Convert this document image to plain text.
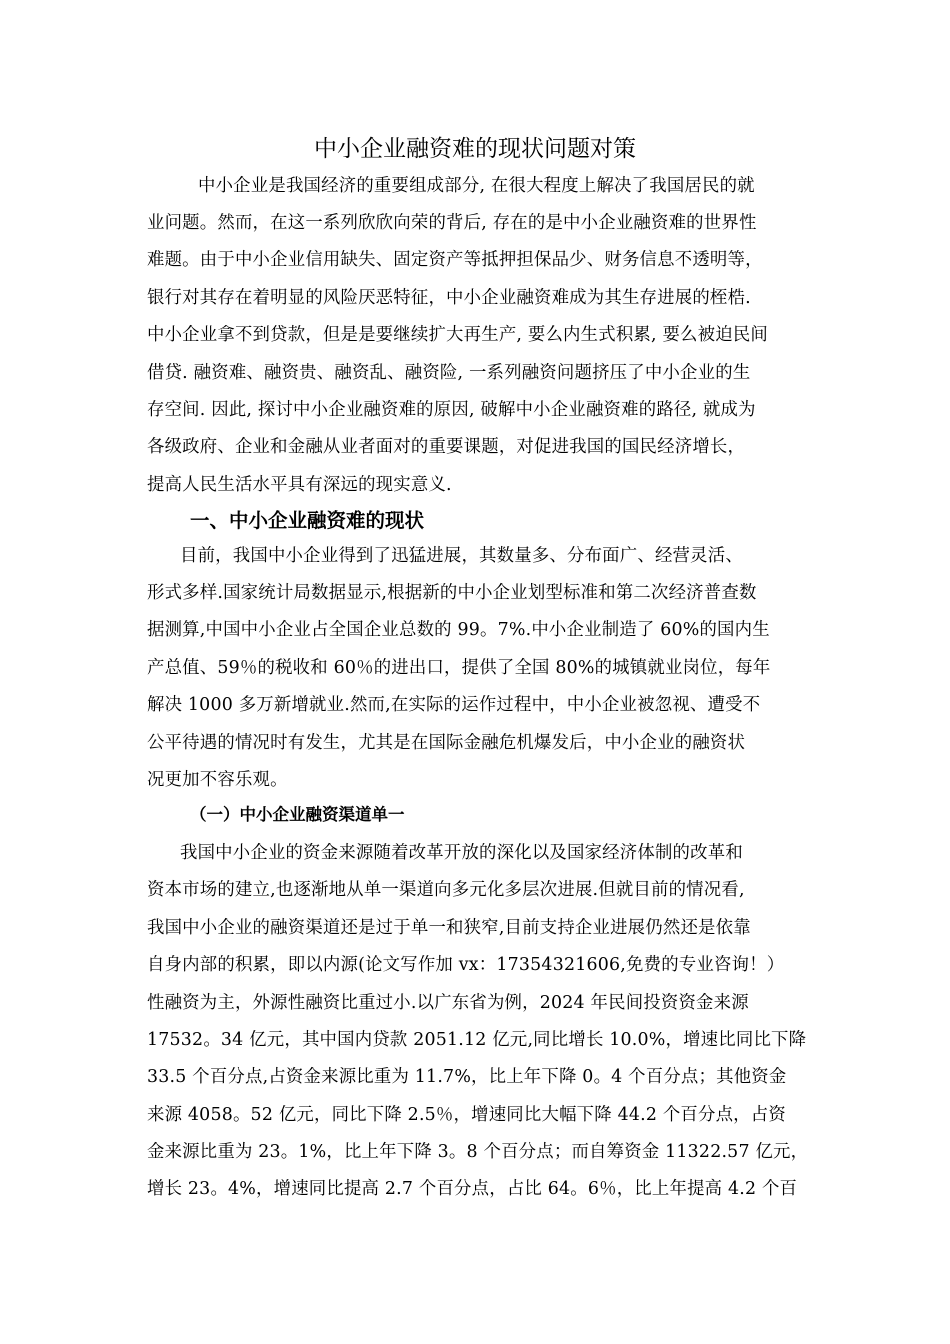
中小企业融资难的现状问题对策
中小企业是我国经济的重要组成部分, 在很大程度上解决了我国居民的就
业问题。然而，在这一系列欣欣向荣的背后, 存在的是中小企业融资难的世界性
难题。由于中小企业信用缺失、固定资产等抵押担保品少、财务信息不透明等，
银行对其存在着明显的风险厌恶特征，中小企业融资难成为其生存进展的桎梏.
中小企业拿不到贷款，但是是要继续扩大再生产, 要么内生式积累, 要么被迫民间
借贷. 融资难、融资贵、融资乱、融资险, 一系列融资问题挤压了中小企业的生
存空间. 因此, 探讨中小企业融资难的原因, 破解中小企业融资难的路径, 就成为
各级政府、企业和金融从业者面对的重要课题，对促进我国的国民经济增长，
提高人民生活水平具有深远的现实意义.
一、中小企业融资难的现状
目前，我国中小企业得到了迅猛进展，其数量多、分布面广、经营灵活、
形式多样.国家统计局数据显示,根据新的中小企业划型标准和第二次经济普查数
据测算,中国中小企业占全国企业总数的 99。7%.中小企业制造了 60%的国内生
产总值、59％的税收和 60％的进出口，提供了全国 80%的城镇就业岗位，每年
解决 1000 多万新增就业.然而,在实际的运作过程中，中小企业被忽视、遭受不
公平待遇的情况时有发生，尤其是在国际金融危机爆发后，中小企业的融资状
况更加不容乐观。
（一）中小企业融资渠道单一
我国中小企业的资金来源随着改革开放的深化以及国家经济体制的改革和
资本市场的建立,也逐渐地从单一渠道向多元化多层次进展.但就目前的情况看,
我国中小企业的融资渠道还是过于单一和狭窄,目前支持企业进展仍然还是依靠
自身内部的积累，即以内源(论文写作加 vx：17354321606,免费的专业咨询！）
性融资为主，外源性融资比重过小.以广东省为例，2024 年民间投资资金来源
17532。34 亿元，其中国内贷款 2051.12 亿元,同比增长 10.0%，增速比同比下降
33.5 个百分点,占资金来源比重为 11.7%，比上年下降 0。4 个百分点；其他资金
来源 4058。52 亿元，同比下降 2.5％，增速同比大幅下降 44.2 个百分点，占资
金来源比重为 23。1%，比上年下降 3。8 个百分点；而自筹资金 11322.57 亿元，
增长 23。4%，增速同比提高 2.7 个百分点，占比 64。6％，比上年提高 4.2 个百
